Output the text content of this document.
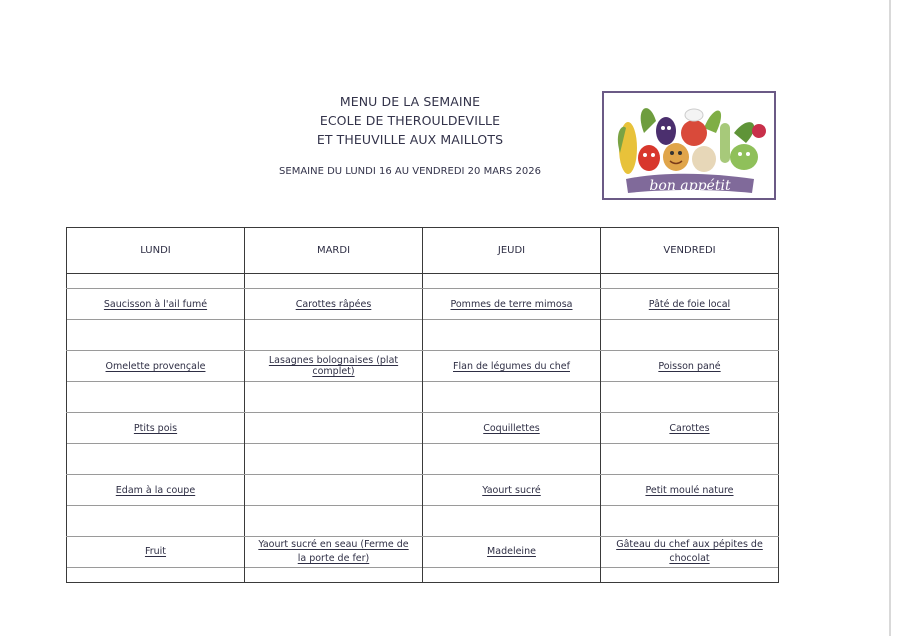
MENU DE LA SEMAINE
ECOLE DE THEROULDEVILLE
ET THEUVILLE AUX MAILLOTS
SEMAINE DU LUNDI 16 AU VENDREDI 20 MARS 2026
bon appétit
LUNDI	MARDI	JEUDI	VENDREDI

Saucisson à l'ail fumé	Carottes râpées	Pommes de terre mimosa	Pâté de foie local

Omelette provençale	Lasagnes bolognaises (plat complet)	Flan de légumes du chef	Poisson pané

Ptits pois		Coquillettes	Carottes

Edam à la coupe		Yaourt sucré	Petit moulé nature

Fruit	Yaourt sucré en seau (Ferme de la porte de fer)	Madeleine	Gâteau du chef aux pépites de chocolat
